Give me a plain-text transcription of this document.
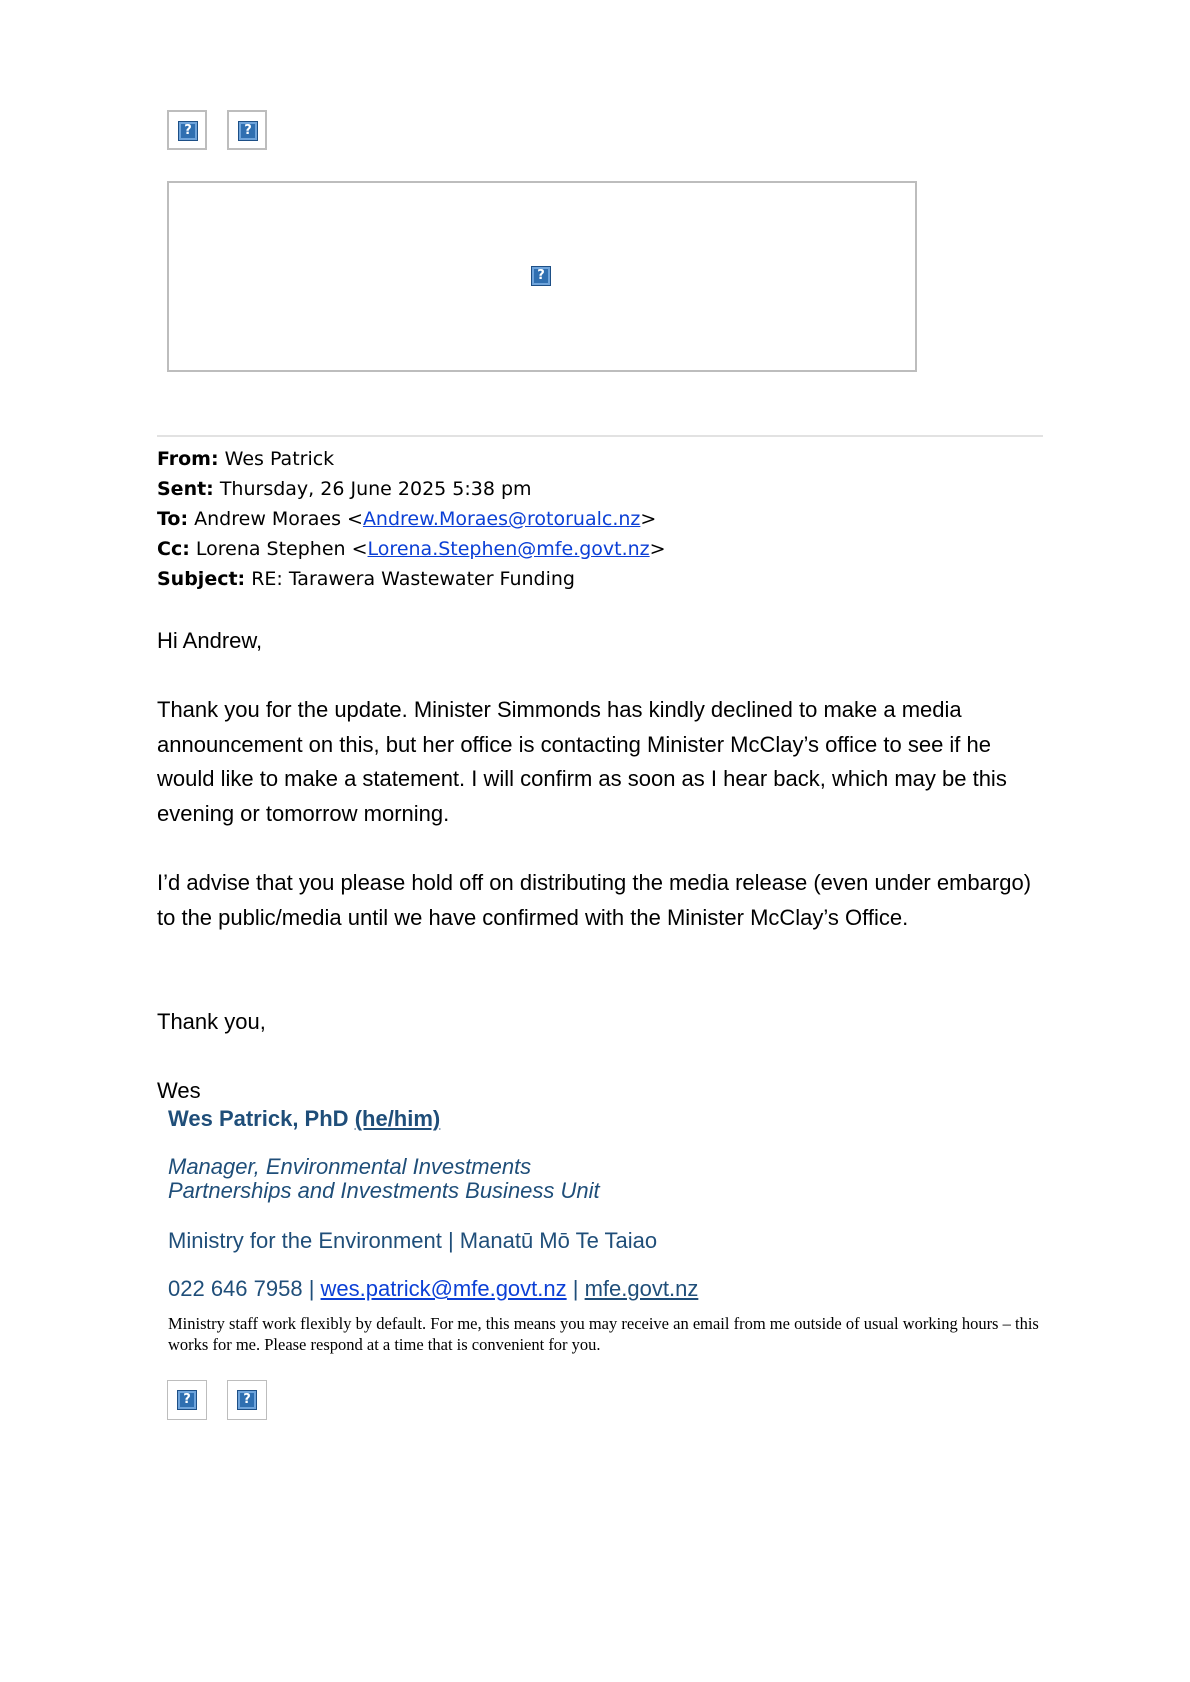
?	?
?
From: Wes Patrick
Sent: Thursday, 26 June 2025 5:38 pm
To: Andrew Moraes <Andrew.Moraes@rotorualc.nz>
Cc: Lorena Stephen <Lorena.Stephen@mfe.govt.nz>
Subject: RE: Tarawera Wastewater Funding

Hi Andrew,

Thank you for the update. Minister Simmonds has kindly declined to make a media announcement on this, but her office is contacting Minister McClay’s office to see if he would like to make a statement. I will confirm as soon as I hear back, which may be this evening or tomorrow morning.

I’d advise that you please hold off on distributing the media release (even under embargo) to the public/media until we have confirmed with the Minister McClay’s Office.

Thank you,

Wes

Wes Patrick, PhD (he/him)
Manager, Environmental Investments
Partnerships and Investments Business Unit
Ministry for the Environment | Manatū Mō Te Taiao
022 646 7958 | wes.patrick@mfe.govt.nz | mfe.govt.nz
Ministry staff work flexibly by default. For me, this means you may receive an email from me outside of usual working hours – this works for me. Please respond at a time that is convenient for you.
?	?
